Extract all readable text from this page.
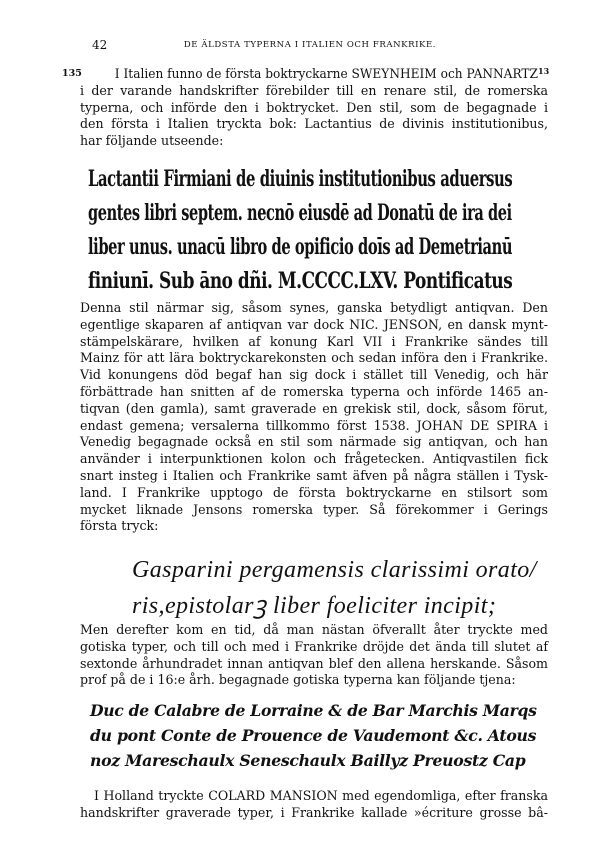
42	DE ÄLDSTA TYPERNA I ITALIEN OCH FRANKRIKE.
135	13
I Italien funno de första boktryckarne SWEYNHEIM och PANNARTZ
i der varande handskrifter förebilder till en renare stil, de romerska
typerna, och införde den i boktrycket. Den stil, som de begagnade i
den första i Italien tryckta bok: Lactantius de divinis institutionibus,
har följande utseende:
Lactantii Firmiani de diuinis institutionibus aduersus
gentes libri septem. necnō eiusdē ad Donatū de ira dei
liber unus. unacū libro de opificio doīs ad Demetrianū
finiunī. Sub āno dñi. M.CCCC.LXV. Pontificatus
Denna stil närmar sig, såsom synes, ganska betydligt antiqvan. Den
egentlige skaparen af antiqvan var dock NIC. JENSON, en dansk mynt-
stämpelskärare, hvilken af konung Karl VII i Frankrike sändes till
Mainz för att lära boktryckarekonsten och sedan införa den i Frankrike.
Vid konungens död begaf han sig dock i stället till Venedig, och här
förbättrade han snitten af de romerska typerna och införde 1465 an-
tiqvan (den gamla), samt graverade en grekisk stil, dock, såsom förut,
endast gemena; versalerna tillkommo först 1538. JOHAN DE SPIRA i
Venedig begagnade också en stil som närmade sig antiqvan, och han
använder i interpunktionen kolon och frågetecken. Antiqvastilen fick
snart insteg i Italien och Frankrike samt äfven på några ställen i Tysk-
land. I Frankrike upptogo de första boktryckarne en stilsort som
mycket liknade Jensons romerska typer. Så förekommer i Gerings
första tryck:
Gasparini pergamensis clarissimi orato/
ris,epistolarꝫ liber foeliciter incipit;
Men derefter kom en tid, då man nästan öfverallt åter tryckte med
gotiska typer, och till och med i Frankrike dröjde det ända till slutet af
sextonde århundradet innan antiqvan blef den allena herskande. Såsom
prof på de i 16:e årh. begagnade gotiska typerna kan följande tjena:
Duc de Calabre de Lorraine & de Bar Marchis Marqs
du pont Conte de Prouence de Vaudemont &c. Atous
noz Mareschaulx Seneschaulx Baillyz Preuostz Cap
I Holland tryckte COLARD MANSION med egendomliga, efter franska
handskrifter graverade typer, i Frankrike kallade »écriture grosse bâ-
